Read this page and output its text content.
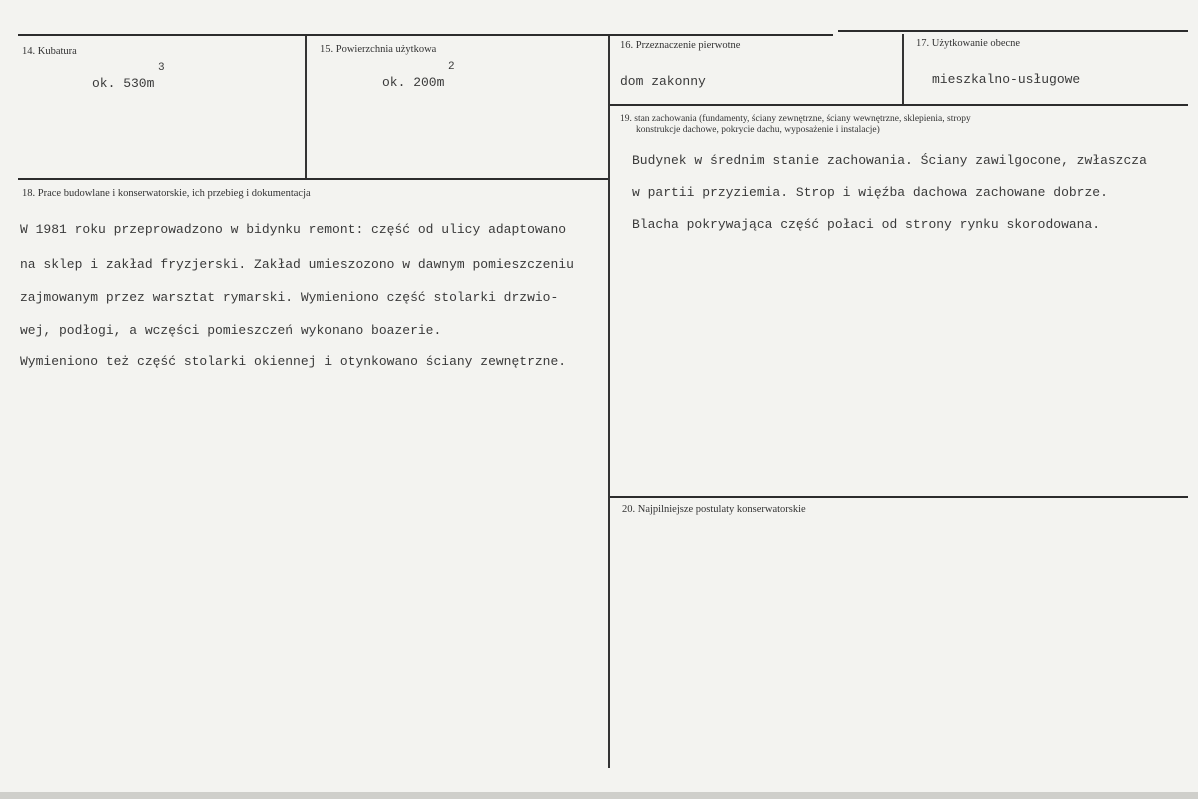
14. Kubatura
ok. 530m
3
15. Powierzchnia użytkowa
ok. 200m
2
16. Przeznaczenie pierwotne
dom zakonny
17. Użytkowanie obecne
mieszkalno-usługowe
18. Prace budowlane i konserwatorskie, ich przebieg i dokumentacja
W 1981 roku przeprowadzono w bidynku remont: część od ulicy adaptowano
na sklep i zakład fryzjerski. Zakład umieszozono w dawnym pomieszczeniu
zajmowanym przez warsztat rymarski. Wymieniono część stolarki drzwio-
wej, podłogi, a wczęści pomieszczeń wykonano boazerie.
Wymieniono też część stolarki okiennej i otynkowano ściany zewnętrzne.
19. stan zachowania (fundamenty, ściany zewnętrzne, ściany wewnętrzne, sklepienia, stropy
konstrukcje dachowe, pokrycie dachu, wyposażenie i instalacje)
Budynek w średnim stanie zachowania. Ściany zawilgocone, zwłaszcza
w partii przyziemia. Strop i więźba dachowa zachowane dobrze.
Blacha pokrywająca część połaci od strony rynku skorodowana.
20. Najpilniejsze postulaty konserwatorskie
